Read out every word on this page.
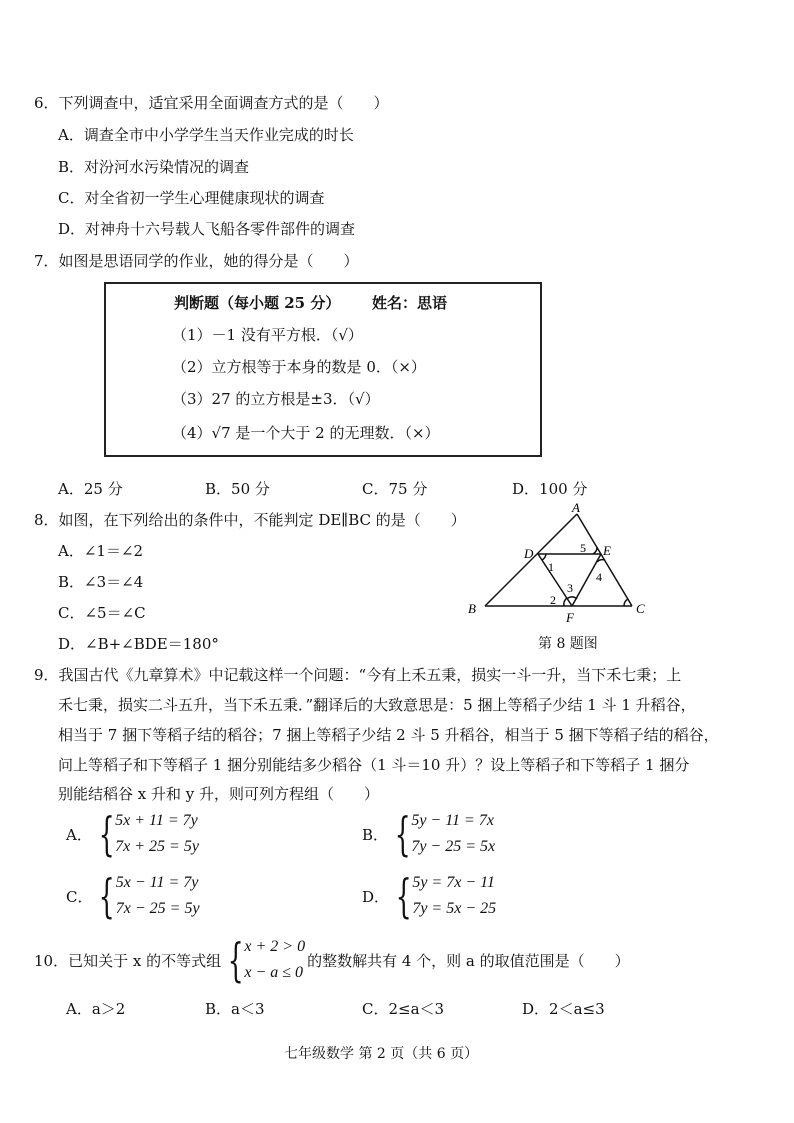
6．下列调查中，适宜采用全面调查方式的是（　　）
A．调查全市中小学学生当天作业完成的时长
B．对汾河水污染情况的调查
C．对全省初一学生心理健康现状的调查
D．对神舟十六号载人飞船各零件部件的调查
7．如图是思语同学的作业，她的得分是（　　）
判断题（每小题 25 分） 姓名：思语
（1）－1 没有平方根．（√）
（2）立方根等于本身的数是 0．（×）
（3）27 的立方根是±3．（√）
（4）√7 是一个大于 2 的无理数．（×）
A．25 分	B．50 分	C．75 分	D．100 分
8．如图，在下列给出的条件中，不能判定 DE∥BC 的是（　　）
A．∠1＝∠2
B．∠3＝∠4
C．∠5＝∠C
D．∠B+∠BDE＝180°
A
D	E
B	C
F
1
2
3
4
5
第 8 题图
9．我国古代《九章算术》中记载这样一个问题：“今有上禾五秉，损实一斗一升，当下禾七秉；上
禾七秉，损实二斗五升，当下禾五秉．”翻译后的大致意思是：5 捆上等稻子少结 1 斗 1 升稻谷，
相当于 7 捆下等稻子结的稻谷；7 捆上等稻子少结 2 斗 5 升稻谷，相当于 5 捆下等稻子结的稻谷，
问上等稻子和下等稻子 1 捆分别能结多少稻谷（1 斗＝10 升）？设上等稻子和下等稻子 1 捆分
别能结稻谷 x 升和 y 升，则可列方程组（　　）
A． { 5x + 11 = 7y
7x + 25 = 5y
B． { 5y − 11 = 7x
7y − 25 = 5x
C． { 5x − 11 = 7y
7x − 25 = 5y
D． { 5y = 7x − 11
7y = 5x − 25
10．已知关于 x 的不等式组 { x + 2 > 0
x − a ≤ 0
的整数解共有 4 个，则 a 的取值范围是（　　）
A．a＞2	B．a＜3	C．2≤a＜3	D．2＜a≤3
七年级数学 第 2 页（共 6 页）
